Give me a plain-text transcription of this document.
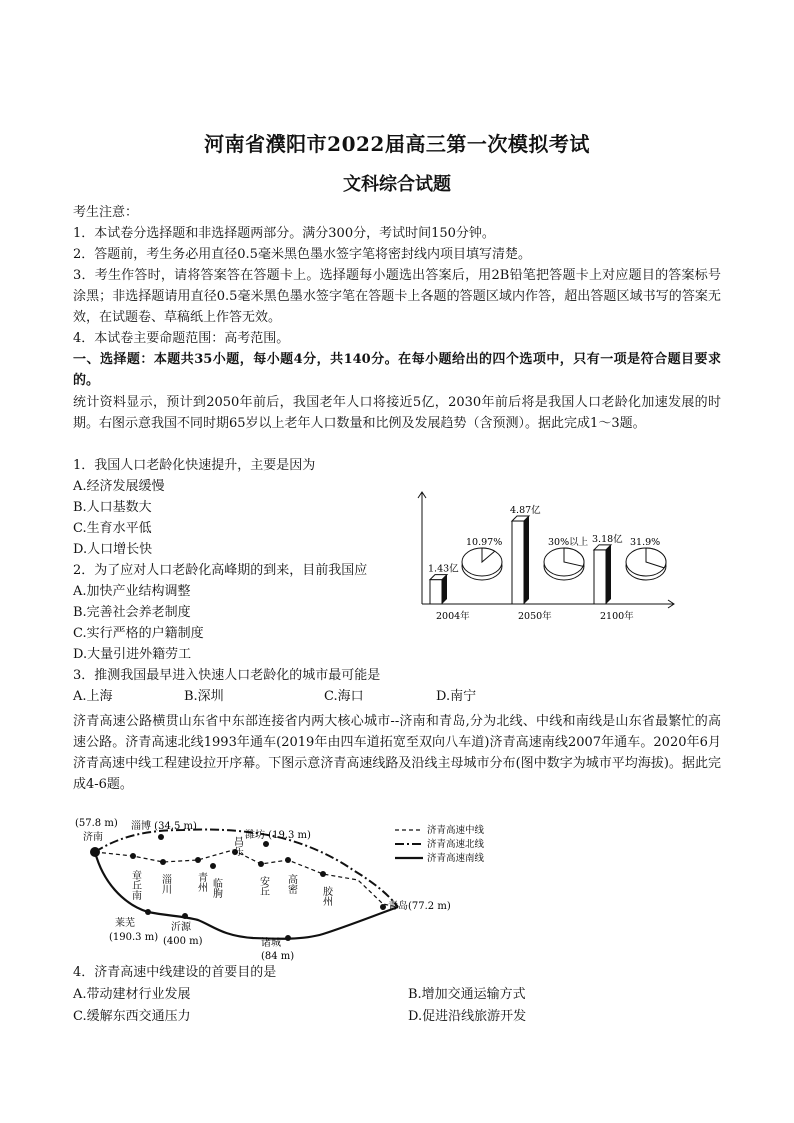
河南省濮阳市2022届高三第一次模拟考试
文科综合试题
考生注意：
1．本试卷分选择题和非选择题两部分。满分300分，考试时间150分钟。
2．答题前，考生务必用直径0.5毫米黑色墨水签字笔将密封线内项目填写清楚。
3．考生作答时，请将答案答在答题卡上。选择题每小题选出答案后，用2B铅笔把答题卡上对应题目的答案标号涂黑；非选择题请用直径0.5毫米黑色墨水签字笔在答题卡上各题的答题区域内作答，超出答题区域书写的答案无效，在试题卷、草稿纸上作答无效。
4．本试卷主要命题范围：高考范围。
一、选择题：本题共35小题，每小题4分，共140分。在每小题给出的四个选项中，只有一项是符合题目要求的。
统计资料显示，预计到2050年前后，我国老年人口将接近5亿，2030年前后将是我国人口老龄化加速发展的时期。右图示意我国不同时期65岁以上老年人口数量和比例及发展趋势（含预测）。据此完成1～3题。
1．我国人口老龄化快速提升，主要是因为
A.经济发展缓慢
B.人口基数大
C.生育水平低
D.人口增长快
2．为了应对人口老龄化高峰期的到来，目前我国应
A.加快产业结构调整
B.完善社会养老制度
C.实行严格的户籍制度
D.大量引进外籍劳工
3．推测我国最早进入快速人口老龄化的城市最可能是
A.上海	B.深圳	C.海口	D.南宁
1.43亿
10.97%
2004年
4.87亿
30%以上
2050年
3.18亿 31.9%
2100年
济青高速公路横贯山东省中东部连接省内两大核心城市--济南和青岛,分为北线、中线和南线是山东省最繁忙的高速公路。济青高速北线1993年通车(2019年由四车道拓宽至双向八车道)济青高速南线2007年通车。2020年6月济青高速中线工程建设拉开序幕。下图示意济青高速线路及沿线主母城市分布(图中数字为城市平均海拔)。据此完成4-6题。
(57.8 m)
济南
淄博 (34.5 m)
潍坊 (19.3 m)
青岛(77.2 m)
莱芜
(190.3 m)
沂源
(400 m)	诸城
(84 m)
章丘南 淄川	青州 临朐
昌乐
安丘 高密
胶州
济青高速中线
济青高速北线
济青高速南线
4．济青高速中线建设的首要目的是
A.带动建材行业发展	B.增加交通运输方式
C.缓解东西交通压力	D.促进沿线旅游开发
